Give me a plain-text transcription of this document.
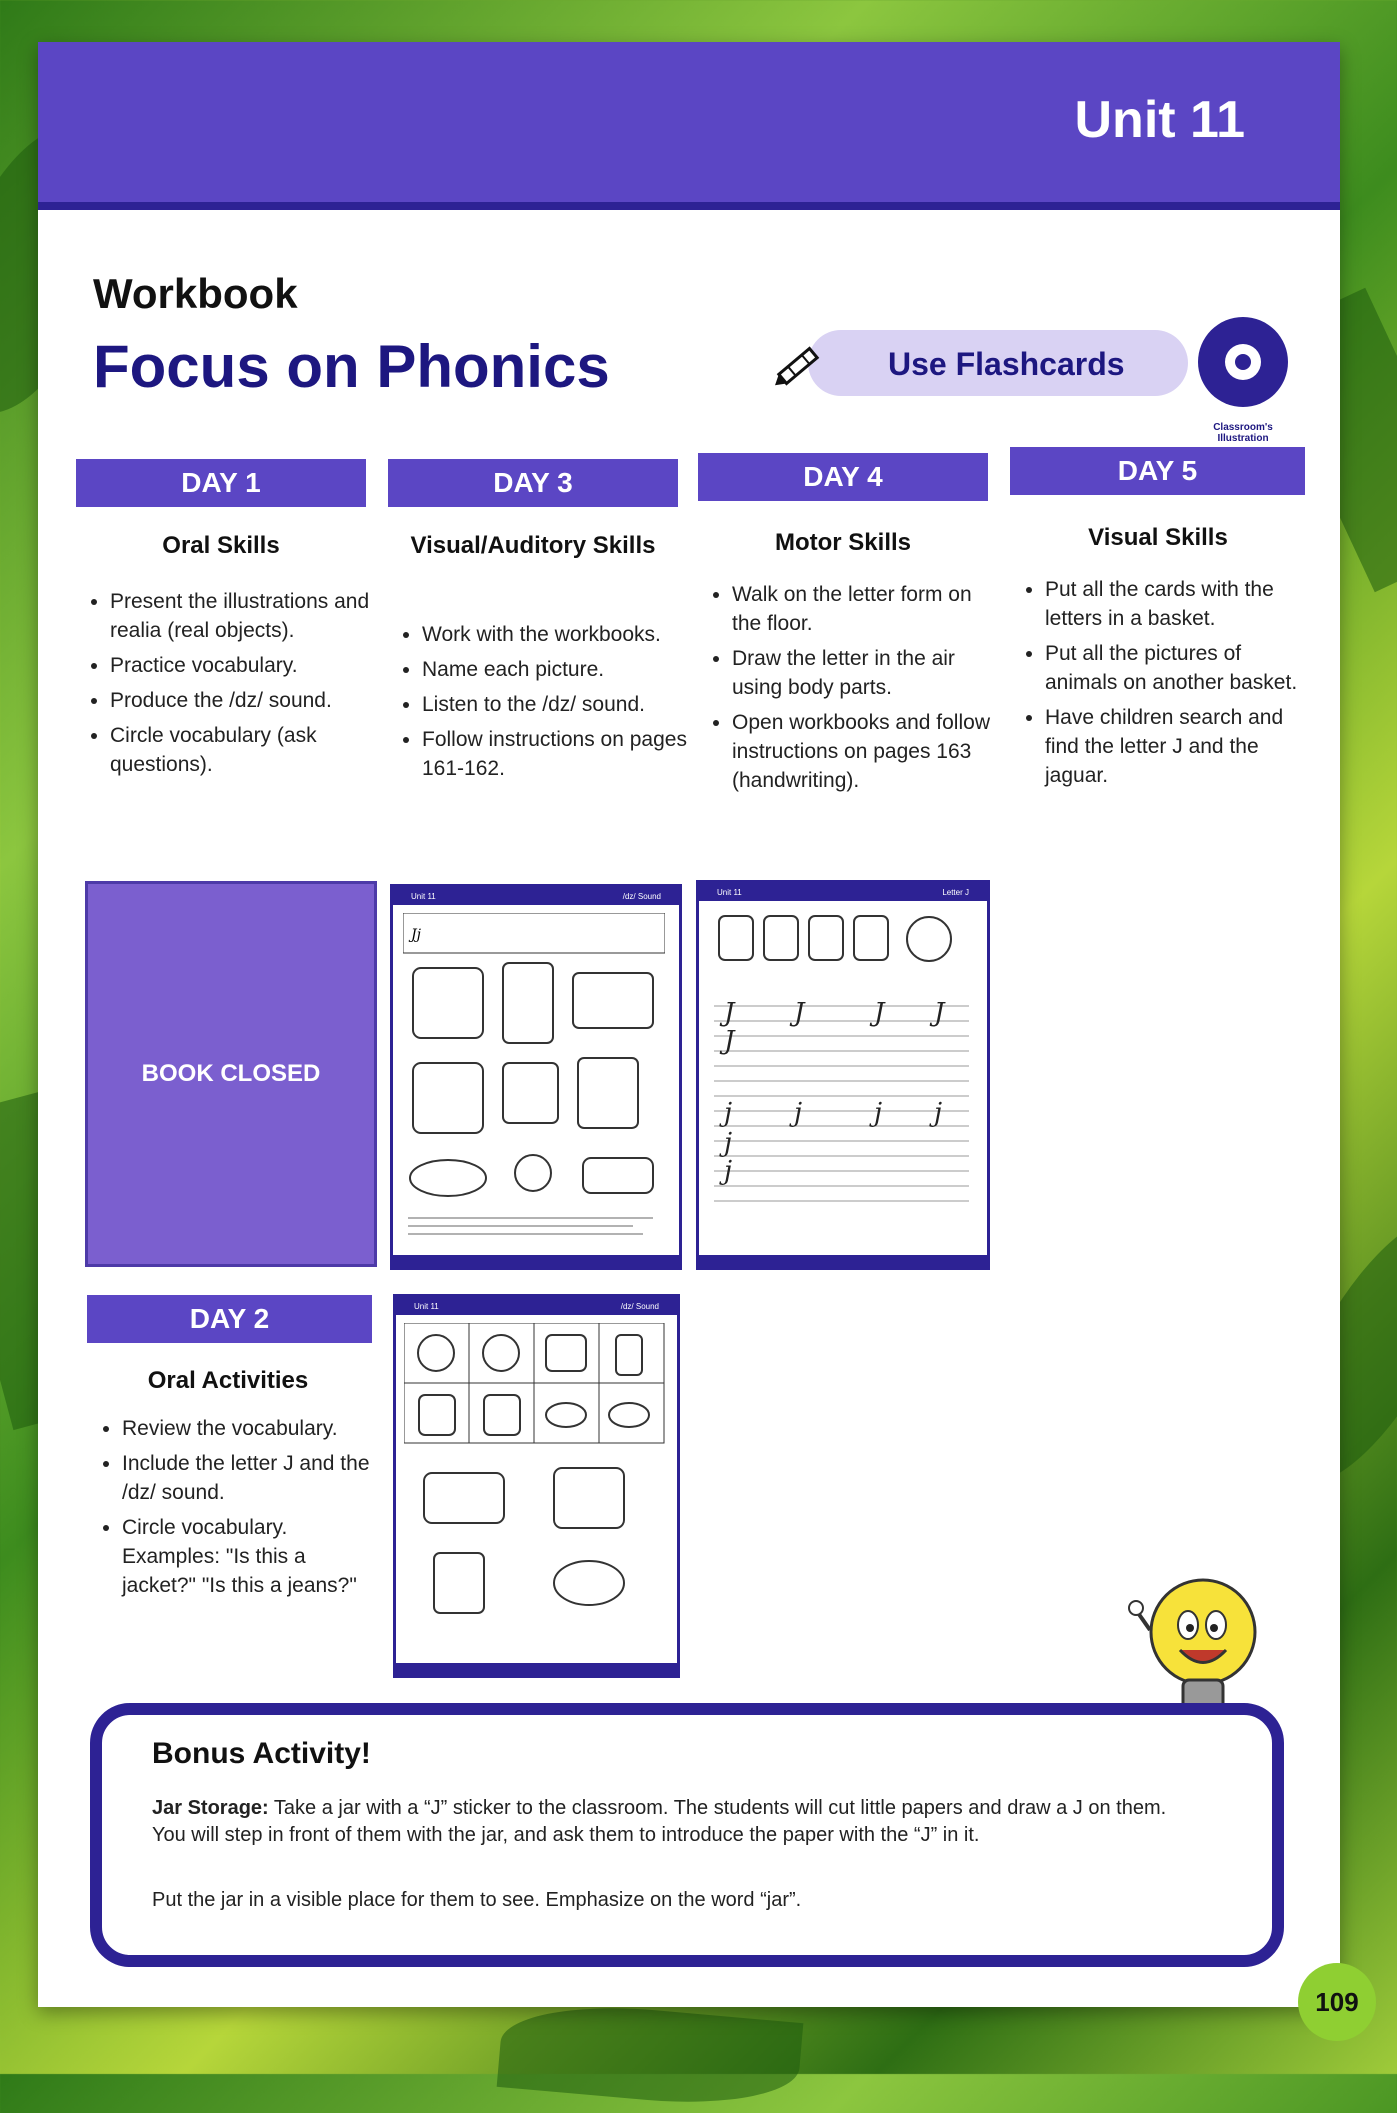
Unit 11
Workbook
Focus on Phonics	Use Flashcards
Classroom's Illustration
DAY 1
Oral Skills
• Present the illustrations and realia (real objects).
• Practice vocabulary.
• Produce the /dz/ sound.
• Circle vocabulary (ask questions).
DAY 3
Visual/Auditory Skills
• Work with the workbooks.
• Name each picture.
• Listen to the /dz/ sound.
• Follow instructions on pages 161-162.
DAY 4
Motor Skills
• Walk on the letter form on the floor.
• Draw the letter in the air using body parts.
• Open workbooks and follow instructions on pages 163 (handwriting).
DAY 5
Visual Skills
• Put all the cards with the letters in a basket.
• Put all the pictures of animals on another basket.
• Have children search and find the letter J and the jaguar.
BOOK CLOSED
Unit 11	/dz/ Sound
Jj
Unit 11	Letter J
J J	J J
J
j j	j j
j
j
Unit 11	/dz/ Sound
DAY 2
Oral Activities
• Review the vocabulary.
• Include the letter J and the /dz/ sound.
• Circle vocabulary. Examples: "Is this a jacket?" "Is this a jeans?"
Bonus Activity!

Jar Storage: Take a jar with a “J” sticker to the classroom. The students will cut little papers and draw a J on them. You will step in front of them with the jar, and ask them to introduce the paper with the “J” in it.

Put the jar in a visible place for them to see. Emphasize on the word “jar”.

109
